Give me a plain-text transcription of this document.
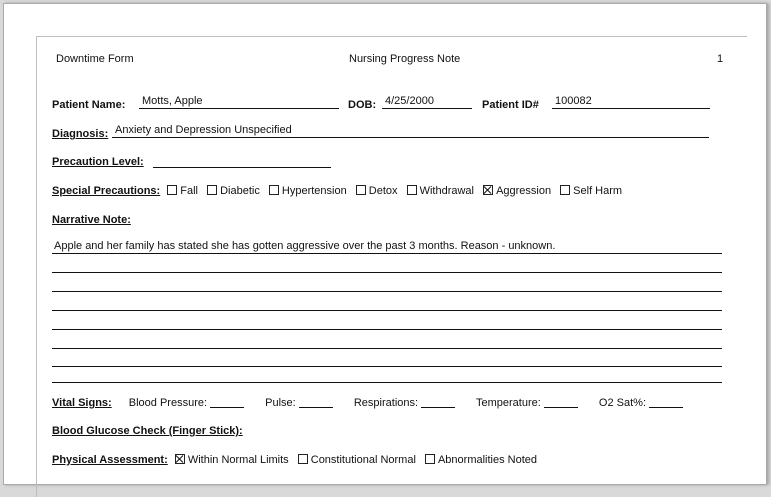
Downtime Form	Nursing Progress Note	1
Patient Name: Motts, Apple	DOB: 4/25/2000	Patient ID# 100082
Diagnosis: Anxiety and Depression Unspecified
Precaution Level:
Special Precautions: Fall Diabetic Hypertension Detox Withdrawal Aggression Self Harm
Narrative Note:
Apple and her family has stated she has gotten aggressive over the past 3 months. Reason - unknown.
Vital Signs: Blood Pressure:	Pulse:	Respirations:	Temperature:	O2 Sat%:
Blood Glucose Check (Finger Stick):
Physical Assessment: Within Normal Limits Constitutional Normal Abnormalities Noted
